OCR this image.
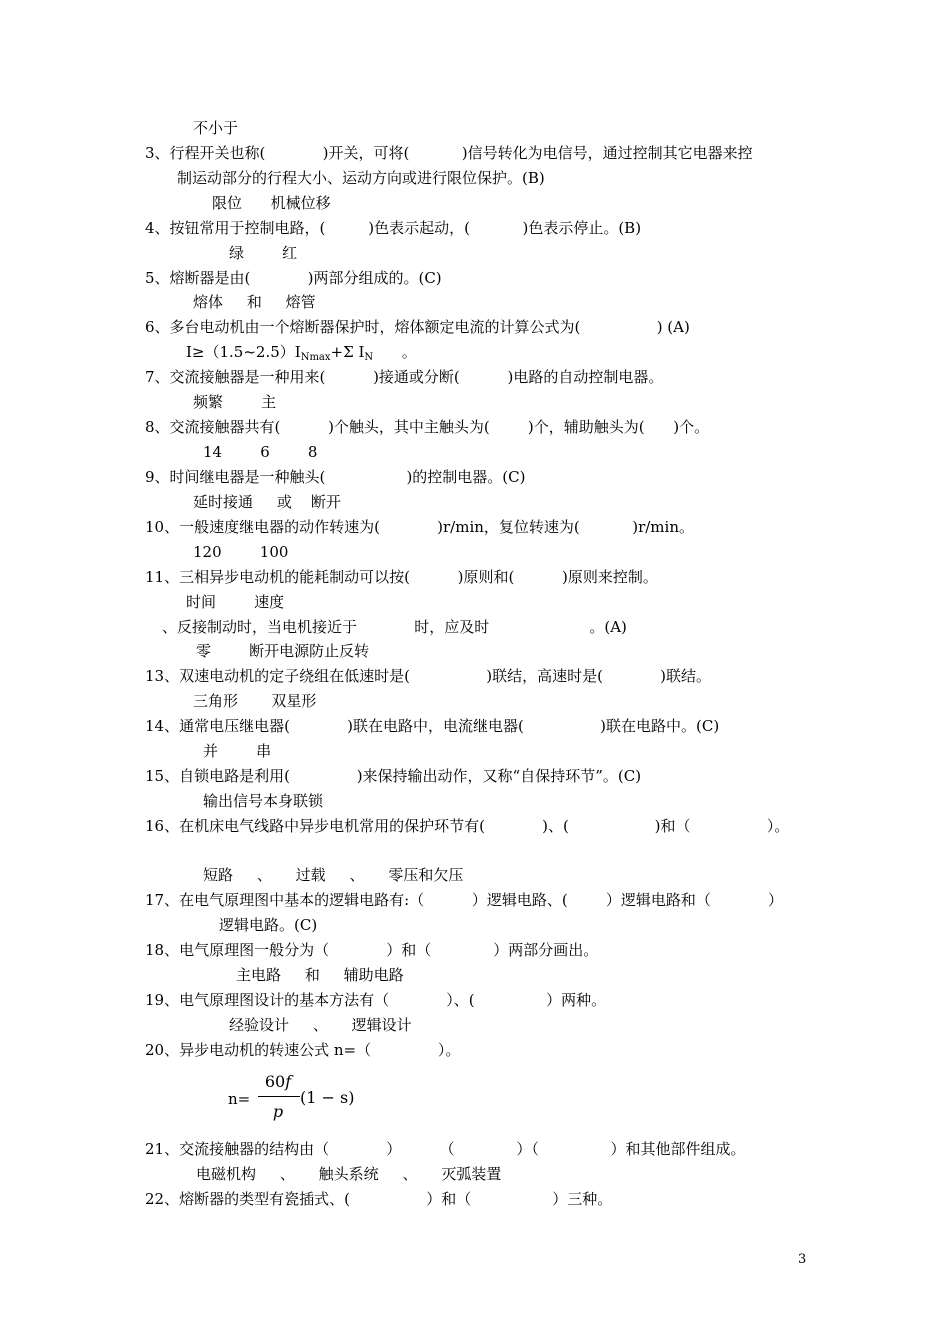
不小于
3、行程开关也称(            )开关，可将(           )信号转化为电信号，通过控制其它电器来控
制运动部分的行程大小、运动方向或进行限位保护。(B)
限位      机械位移
4、按钮常用于控制电路，(         )色表示起动，(           )色表示停止。(B)
绿        红
5、熔断器是由(            )两部分组成的。(C)
熔体     和     熔管
6、多台电动机由一个熔断器保护时，熔体额定电流的计算公式为(                ) (A)
$I\ge(1.5\sim 2.5)I_{Nmax}+\Sigma$ $I_N$      。
7、交流接触器是一种用来(          )接通或分断(          )电路的自动控制电器。
频繁        主
8、交流接触器共有(          )个触头，其中主触头为(        )个，辅助触头为(      )个。
14        6        8
9、时间继电器是一种触头(                 )的控制电器。(C)
延时接通     或    断开
10、一般速度继电器的动作转速为(            )r/min，复位转速为(           )r/min。
120        100
11、三相异步电动机的能耗制动可以按(          )原则和(          )原则来控制。
时间        速度
、反接制动时，当电机接近于            时，应及时                     。(A)
零        断开电源防止反转
13、双速电动机的定子绕组在低速时是(                )联结，高速时是(            )联结。
三角形       双星形
14、通常电压继电器(            )联在电路中，电流继电器(                )联在电路中。(C)
并        串
15、自锁电路是利用(              )来保持输出动作，又称“自保持环节”。(C)
输出信号本身联锁
16、在机床电气线路中异步电机常用的保护环节有(            )、(                  )和（                ）。
短路     、     过载     、     零压和欠压
17、在电气原理图中基本的逻辑电路有:（          ）逻辑电路、(        ）逻辑电路和（            ）
逻辑电路。(C)
18、电气原理图一般分为（            ）和（             ）两部分画出。
主电路     和     辅助电路
19、电气原理图设计的基本方法有（            ）、(               ）两种。
经验设计     、     逻辑设计
20、异步电动机的转速公式 n=（              ）。
n=
60f
p
(1 − s)
21、交流接触器的结构由（            ）        （             ）（               ）和其他部件组成。
电磁机构     、     触头系统     、     灭弧装置
22、熔断器的类型有瓷插式、(                ）和（                 ）三种。
3
